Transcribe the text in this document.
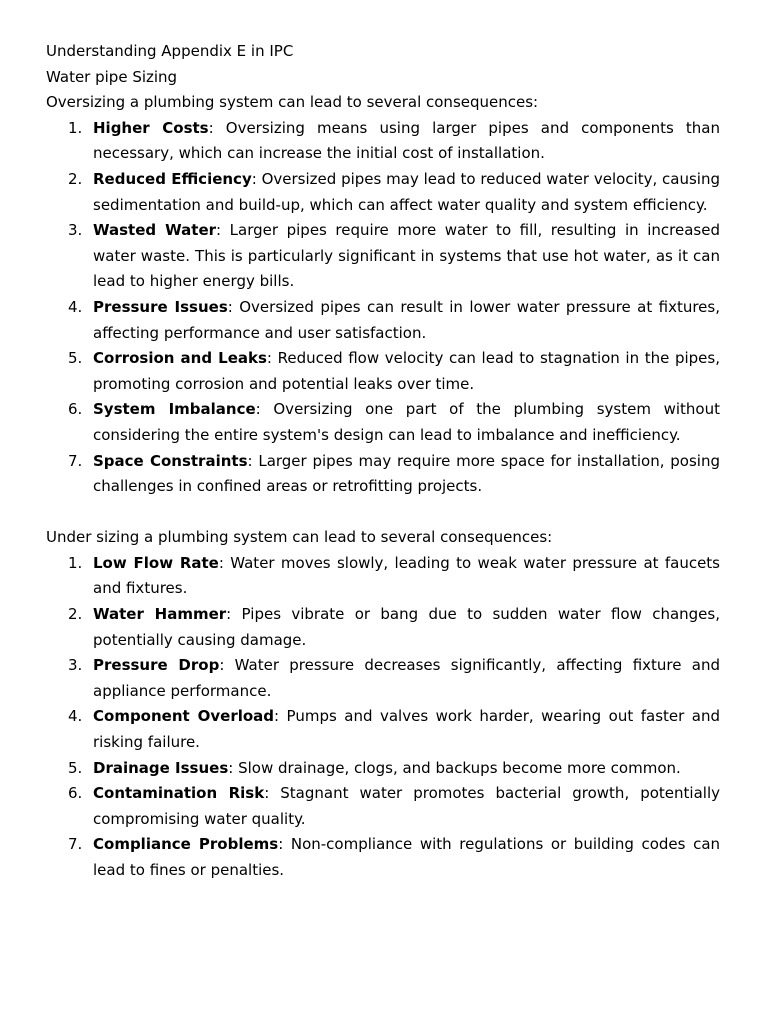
Understanding Appendix E in IPC

Water pipe Sizing

Oversizing a plumbing system can lead to several consequences:

1. Higher Costs: Oversizing means using larger pipes and components than necessary, which can increase the initial cost of installation.
2. Reduced Efficiency: Oversized pipes may lead to reduced water velocity, causing sedimentation and build-up, which can affect water quality and system efficiency.
3. Wasted Water: Larger pipes require more water to fill, resulting in increased water waste. This is particularly significant in systems that use hot water, as it can lead to higher energy bills.
4. Pressure Issues: Oversized pipes can result in lower water pressure at fixtures, affecting performance and user satisfaction.
5. Corrosion and Leaks: Reduced flow velocity can lead to stagnation in the pipes, promoting corrosion and potential leaks over time.
6. System Imbalance: Oversizing one part of the plumbing system without considering the entire system's design can lead to imbalance and inefficiency.
7. Space Constraints: Larger pipes may require more space for installation, posing challenges in confined areas or retrofitting projects.

Under sizing a plumbing system can lead to several consequences:

1. Low Flow Rate: Water moves slowly, leading to weak water pressure at faucets and fixtures.
2. Water Hammer: Pipes vibrate or bang due to sudden water flow changes, potentially causing damage.
3. Pressure Drop: Water pressure decreases significantly, affecting fixture and appliance performance.
4. Component Overload: Pumps and valves work harder, wearing out faster and risking failure.
5. Drainage Issues: Slow drainage, clogs, and backups become more common.
6. Contamination Risk: Stagnant water promotes bacterial growth, potentially compromising water quality.
7. Compliance Problems: Non-compliance with regulations or building codes can lead to fines or penalties.
